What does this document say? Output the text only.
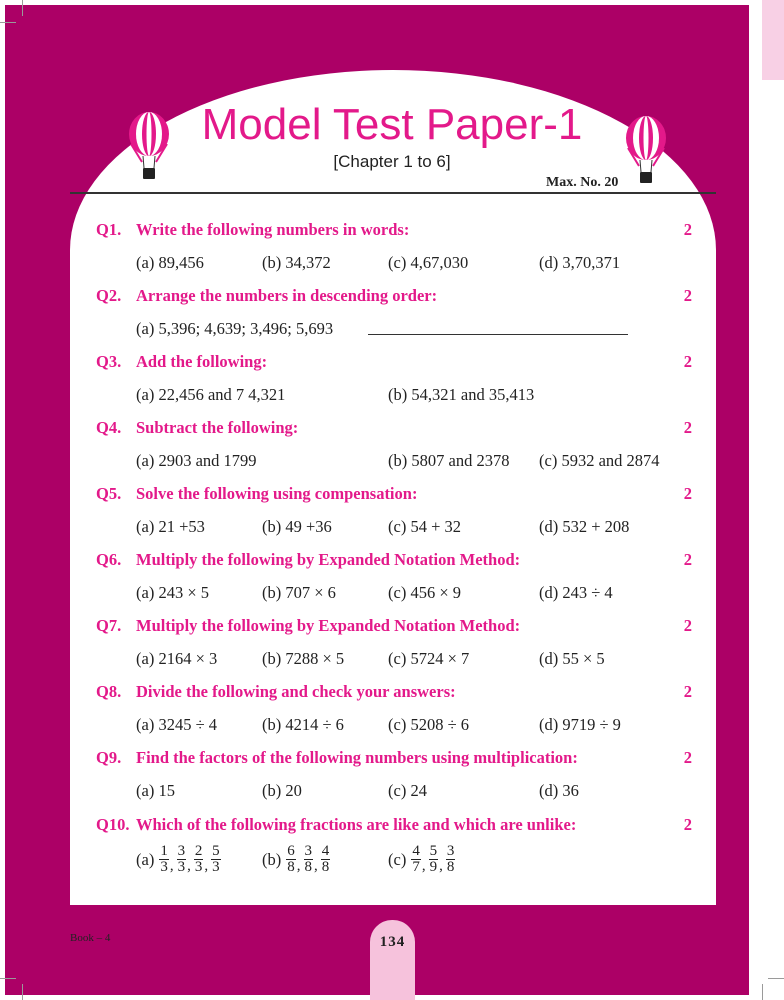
Model Test Paper-1
[Chapter 1 to 6]
Max. No. 20
Q1. Write the following numbers in words:	2
(a) 89,456	(b) 34,372	(c) 4,67,030	(d) 3,70,371
Q2. Arrange the numbers in descending order:	2
(a) 5,396; 4,639; 3,496; 5,693
Q3. Add the following:	2
(a) 22,456 and 7 4,321	(b) 54,321 and 35,413
Q4. Subtract the following:	2
(a) 2903 and 1799	(b) 5807 and 2378 (c) 5932 and 2874
Q5. Solve the following using compensation:	2
(a) 21 +53	(b) 49 +36	(c) 54 + 32	(d) 532 + 208
Q6. Multiply the following by Expanded Notation Method:	2
(a) 243 × 5	(b) 707 × 6	(c) 456 × 9	(d) 243 ÷ 4
Q7. Multiply the following by Expanded Notation Method:	2
(a) 2164 × 3	(b) 7288 × 5	(c) 5724 × 7	(d) 55 × 5
Q8. Divide the following and check your answers:	2
(a) 3245 ÷ 4	(b) 4214 ÷ 6	(c) 5208 ÷ 6	(d) 9719 ÷ 9
Q9. Find the factors of the following numbers using multiplication:	2
(a) 15	(b) 20	(c) 24	(d) 36
Q10. Which of the following fractions are like and which are unlike:	2
$(a) \frac{1}{3}$ , $\frac{3}{3}$ , $\frac{2}{3}$ , $\frac{5}{3}$	$(b) \frac{6}{8}$ , $\frac{3}{8}$ , $\frac{4}{8}$	$(c) \frac{4}{7}$ , $\frac{5}{9}$ , $\frac{3}{8}$
Book – 4	134
